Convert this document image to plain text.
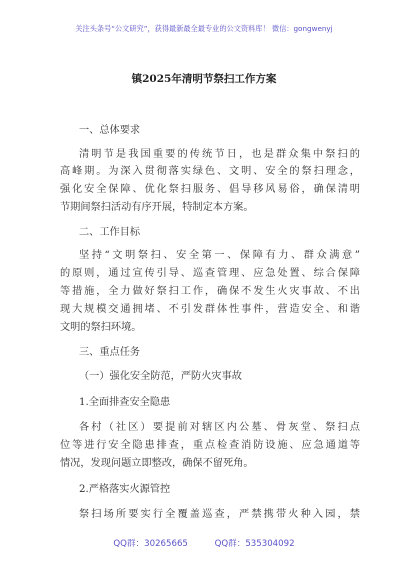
关注头条号“公文研究”，获得最新最全最专业的公文资料库！ 微信：gongwenyj
镇2025年清明节祭扫工作方案
一、总体要求
清明节是我国重要的传统节日，也是群众集中祭扫的
高峰期。为深入贯彻落实绿色、文明、安全的祭扫理念，
强化安全保障、优化祭扫服务、倡导移风易俗，确保清明
节期间祭扫活动有序开展，特制定本方案。
二、工作目标
坚持“文明祭扫、安全第一、保障有力、群众满意”
的原则，通过宣传引导、巡查管理、应急处置、综合保障
等措施，全力做好祭扫工作，确保不发生火灾事故、不出
现大规模交通拥堵、不引发群体性事件，营造安全、和谐
文明的祭扫环境。
三、重点任务
（一）强化安全防范，严防火灾事故
1.全面排查安全隐患
各村（社区）要提前对辖区内公墓、骨灰堂、祭扫点
位等进行安全隐患排查，重点检查消防设施、应急通道等
情况，发现问题立即整改，确保不留死角。
2.严格落实火源管控
祭扫场所要实行全覆盖巡查，严禁携带火种入园，禁
QQ群：30265665	QQ群：535304092
